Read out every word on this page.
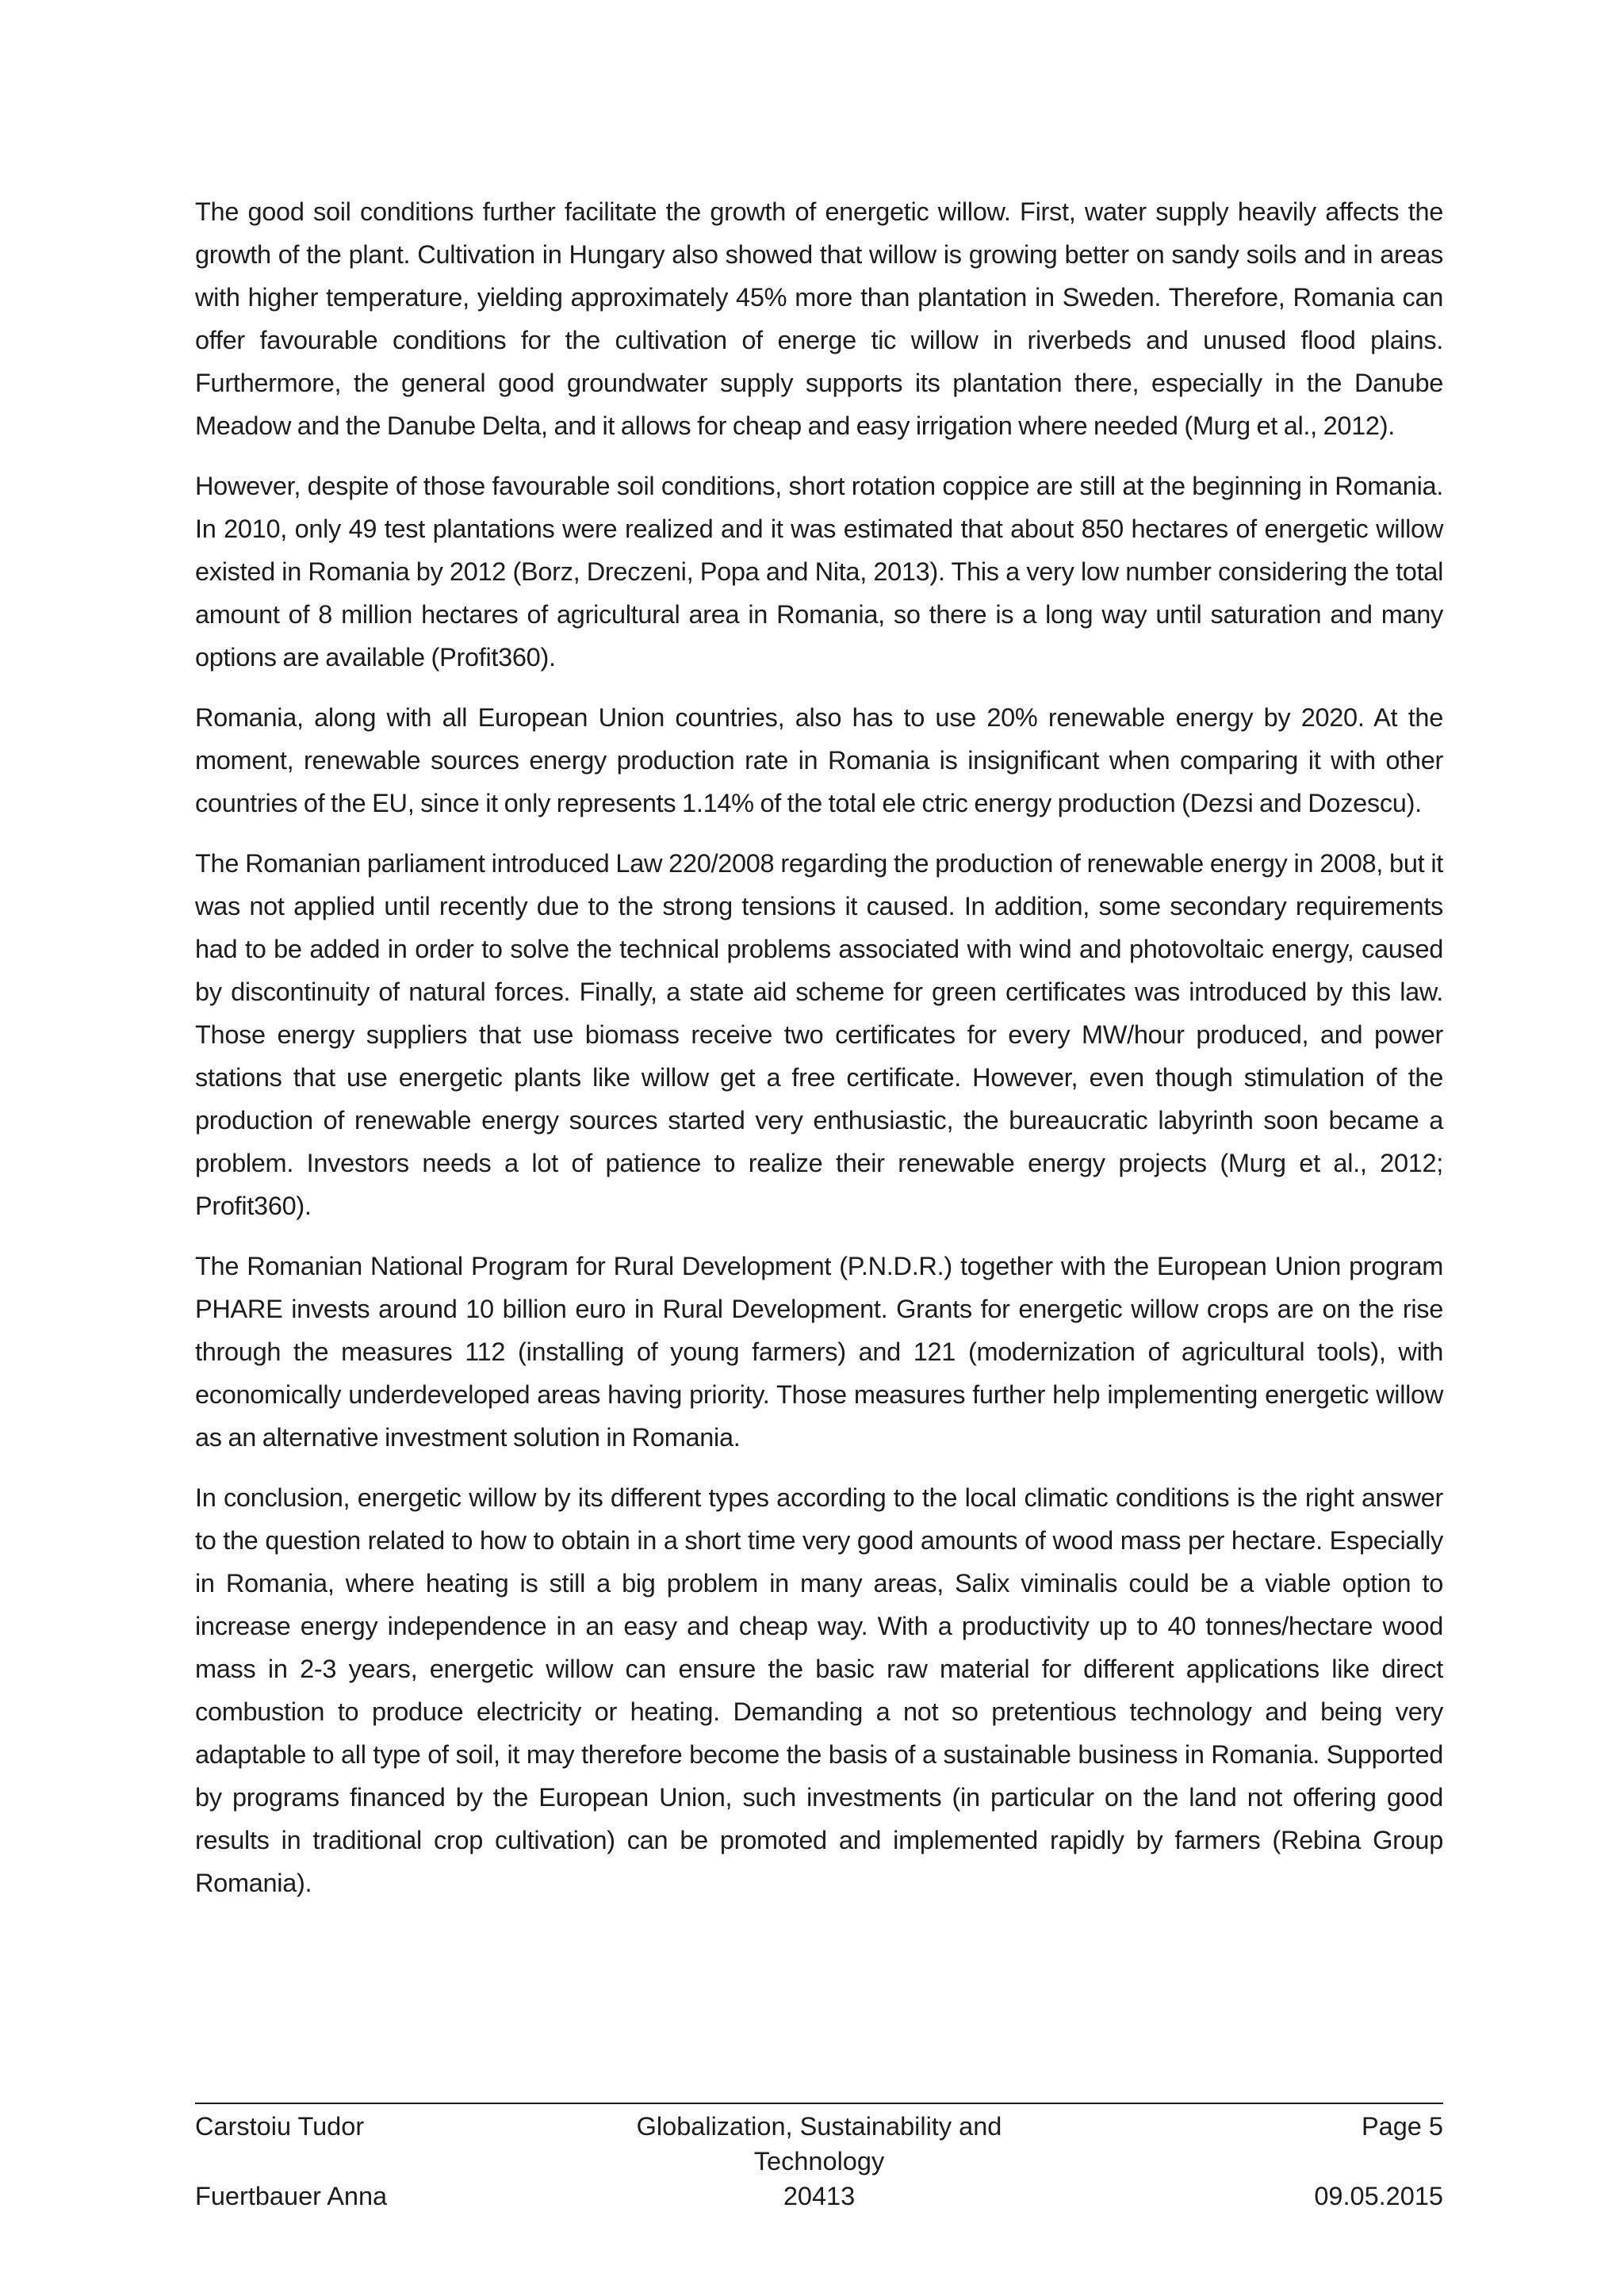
The good soil conditions further facilitate the growth of energetic willow. First, water supply heavily affects the growth of the plant. Cultivation in Hungary also showed that willow is growing better on sandy soils and in areas with higher temperature, yielding approximately 45% more than plantation in Sweden. Therefore, Romania can offer favourable conditions for the cultivation of energe tic willow in riverbeds and unused flood plains. Furthermore, the general good groundwater supply supports its plantation there, especially in the Danube Meadow and the Danube Delta, and it allows for cheap and easy irrigation where needed (Murg et al., 2012).

However, despite of those favourable soil conditions, short rotation coppice are still at the beginning in Romania. In 2010, only 49 test plantations were realized and it was estimated that about 850 hectares of energetic willow existed in Romania by 2012 (Borz, Dreczeni, Popa and Nita, 2013). This a very low number considering the total amount of 8 million hectares of agricultural area in Romania, so there is a long way until saturation and many options are available (Profit360).

Romania, along with all European Union countries, also has to use 20% renewable energy by 2020. At the moment, renewable sources energy production rate in Romania is insignificant when comparing it with other countries of the EU, since it only represents 1.14% of the total ele ctric energy production (Dezsi and Dozescu).

The Romanian parliament introduced Law 220/2008 regarding the production of renewable energy in 2008, but it was not applied until recently due to the strong tensions it caused. In addition, some secondary requirements had to be added in order to solve the technical problems associated with wind and photovoltaic energy, caused by discontinuity of natural forces. Finally, a state aid scheme for green certificates was introduced by this law. Those energy suppliers that use biomass receive two certificates for every MW/hour produced, and power stations that use energetic plants like willow get a free certificate. However, even though stimulation of the production of renewable energy sources started very enthusiastic, the bureaucratic labyrinth soon became a problem. Investors needs a lot of patience to realize their renewable energy projects (Murg et al., 2012; Profit360).

The Romanian National Program for Rural Development (P.N.D.R.) together with the European Union program PHARE invests around 10 billion euro in Rural Development. Grants for energetic willow crops are on the rise through the measures 112 (installing of young farmers) and 121 (modernization of agricultural tools), with economically underdeveloped areas having priority. Those measures further help implementing energetic willow as an alternative investment solution in Romania.

In conclusion, energetic willow by its different types according to the local climatic conditions is the right answer to the question related to how to obtain in a short time very good amounts of wood mass per hectare. Especially in Romania, where heating is still a big problem in many areas, Salix viminalis could be a viable option to increase energy independence in an easy and cheap way. With a productivity up to 40 tonnes/hectare wood mass in 2-3 years, energetic willow can ensure the basic raw material for different applications like direct combustion to produce electricity or heating. Demanding a not so pretentious technology and being very adaptable to all type of soil, it may therefore become the basis of a sustainable business in Romania. Supported by programs financed by the European Union, such investments (in particular on the land not offering good results in traditional crop cultivation) can be promoted and implemented rapidly by farmers (Rebina Group Romania).

Carstoiu Tudor	Globalization, Sustainability and Technology
Page 5
Fuertbauer Anna	20413	09.05.2015
